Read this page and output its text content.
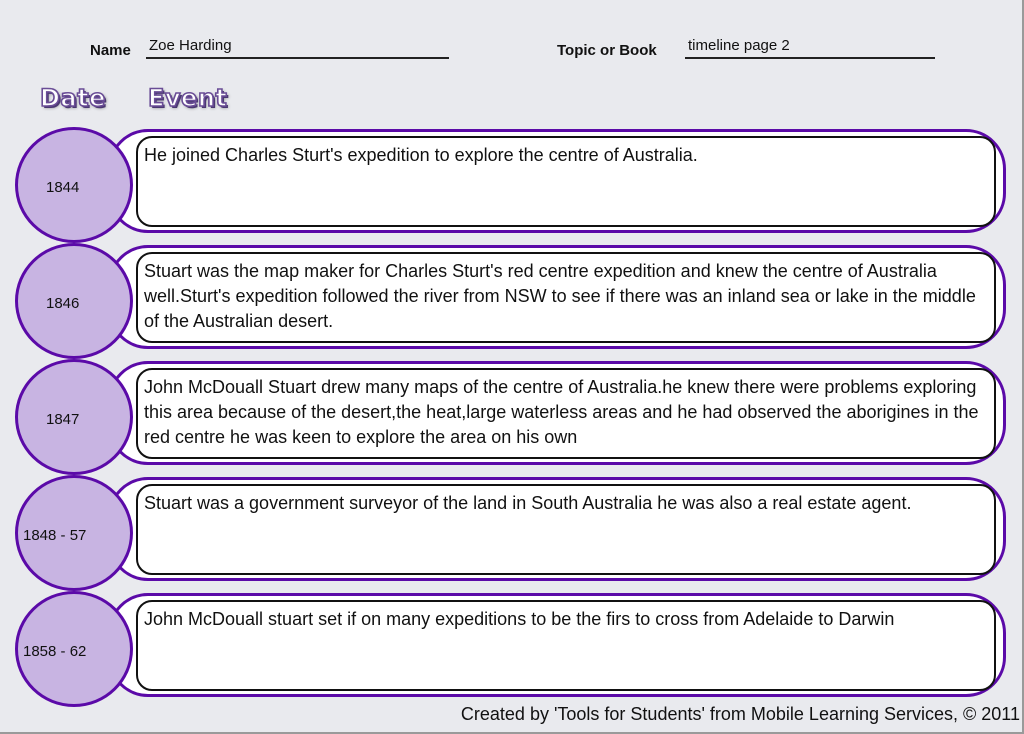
Name Zoe Harding	Topic or Book timeline page 2
Date Event
He joined Charles Sturt's expedition to explore the centre of Australia.
1844
Stuart was the map maker for Charles Sturt's red centre expedition and knew the centre of Australia well.Sturt's expedition followed the river from NSW to see if there was an inland sea or lake in the middle of the Australian desert.
1846
John McDouall Stuart drew many maps of the centre of Australia.he knew there were problems exploring this area because of the desert,the heat,large waterless areas and he had observed the aborigines in the red centre he was keen to explore the area on his own
1847
Stuart was a government surveyor of the land in South Australia he was also a real estate agent.
1848 - 57
John McDouall stuart set if on many expeditions to be the firs to cross from Adelaide to Darwin
1858 - 62
Created by 'Tools for Students' from Mobile Learning Services, © 2011
